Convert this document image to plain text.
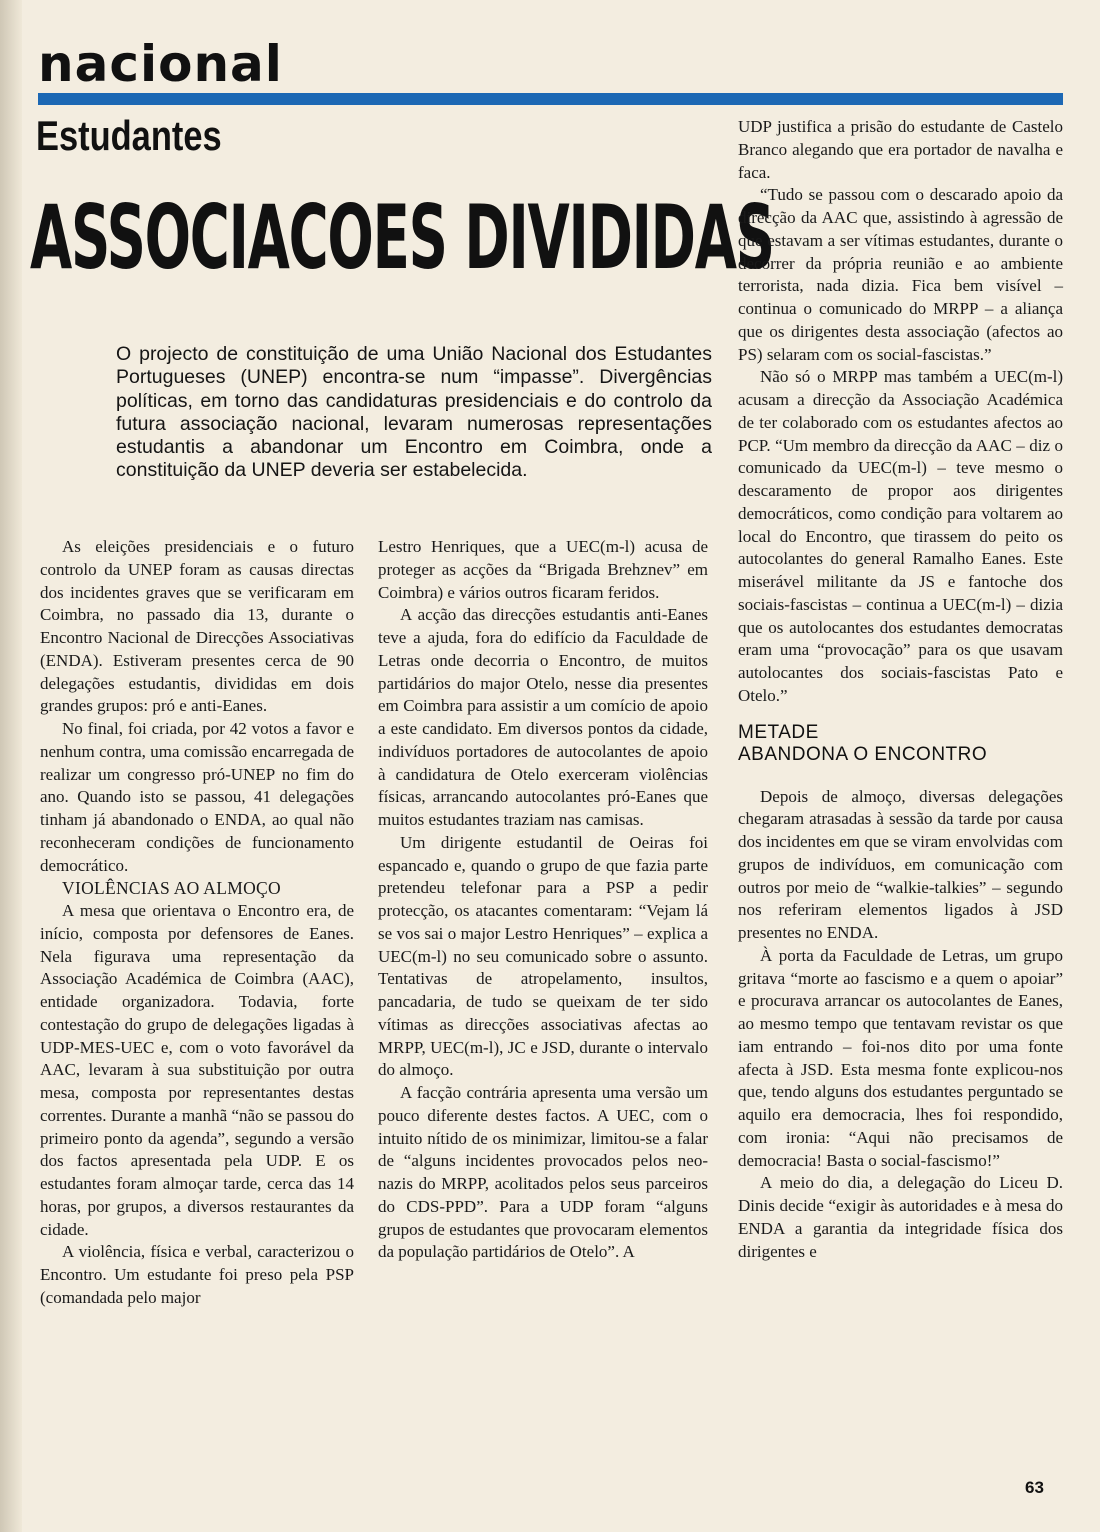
nacional
Estudantes
ASSOCIACOES DIVIDIDAS
O projecto de constituição de uma União Nacional dos Estudantes Portugueses (UNEP) encontra-se num “impasse”. Divergências políticas, em torno das candidaturas presidenciais e do controlo da futura associação nacional, levaram numerosas representações estudantis a abandonar um Encontro em Coimbra, onde a constituição da UNEP deveria ser estabelecida.

As eleições presidenciais e o futuro controlo da UNEP foram as causas directas dos incidentes graves que se verificaram em Coimbra, no passado dia 13, durante o Encontro Nacional de Direcções Associativas (ENDA). Estiveram presentes cerca de 90 delegações estudantis, divididas em dois grandes grupos: pró e anti-Eanes.

No final, foi criada, por 42 votos a favor e nenhum contra, uma comissão encarregada de realizar um congresso pró-UNEP no fim do ano. Quando isto se passou, 41 delegações tinham já abandonado o ENDA, ao qual não reconheceram condições de funcionamento democrático.

VIOLÊNCIAS AO ALMOÇO

A mesa que orientava o Encontro era, de início, composta por defensores de Eanes. Nela figurava uma representação da Associação Académica de Coimbra (AAC), entidade organizadora. Todavia, forte contestação do grupo de delegações ligadas à UDP-MES-UEC e, com o voto favorável da AAC, levaram à sua substituição por outra mesa, composta por representantes destas correntes. Durante a manhã “não se passou do primeiro ponto da agenda”, segundo a versão dos factos apresentada pela UDP. E os estudantes foram almoçar tarde, cerca das 14 horas, por grupos, a diversos restaurantes da cidade.

A violência, física e verbal, caracterizou o Encontro. Um estudante foi preso pela PSP (comandada pelo major

Lestro Henriques, que a UEC(m-l) acusa de proteger as acções da “Brigada Brehznev” em Coimbra) e vários outros ficaram feridos.

A acção das direcções estudantis anti-Eanes teve a ajuda, fora do edifício da Faculdade de Letras onde decorria o Encontro, de muitos partidários do major Otelo, nesse dia presentes em Coimbra para assistir a um comício de apoio a este candidato. Em diversos pontos da cidade, indivíduos portadores de autocolantes de apoio à candidatura de Otelo exerceram violências físicas, arrancando autocolantes pró-Eanes que muitos estudantes traziam nas camisas.

Um dirigente estudantil de Oeiras foi espancado e, quando o grupo de que fazia parte pretendeu telefonar para a PSP a pedir protecção, os atacantes comentaram: “Vejam lá se vos sai o major Lestro Henriques” – explica a UEC(m-l) no seu comunicado sobre o assunto. Tentativas de atropelamento, insultos, pancadaria, de tudo se queixam de ter sido vítimas as direcções associativas afectas ao MRPP, UEC(m-l), JC e JSD, durante o intervalo do almoço.

A facção contrária apresenta uma versão um pouco diferente destes factos. A UEC, com o intuito nítido de os minimizar, limitou-se a falar de “alguns incidentes provocados pelos neo-nazis do MRPP, acolitados pelos seus parceiros do CDS-PPD”. Para a UDP foram “alguns grupos de estudantes que provocaram elementos da população partidários de Otelo”. A

UDP justifica a prisão do estudante de Castelo Branco alegando que era portador de navalha e faca.

“Tudo se passou com o descarado apoio da direcção da AAC que, assistindo à agressão de que estavam a ser vítimas estudantes, durante o decorrer da própria reunião e ao ambiente terrorista, nada dizia. Fica bem visível – continua o comunicado do MRPP – a aliança que os dirigentes desta associação (afectos ao PS) selaram com os social-fascistas.”

Não só o MRPP mas também a UEC(m-l) acusam a direcção da Associação Académica de ter colaborado com os estudantes afectos ao PCP. “Um membro da direcção da AAC – diz o comunicado da UEC(m-l) – teve mesmo o descaramento de propor aos dirigentes democráticos, como condição para voltarem ao local do Encontro, que tirassem do peito os autocolantes do general Ramalho Eanes. Este miserável militante da JS e fantoche dos sociais-fascistas – continua a UEC(m-l) – dizia que os autolocantes dos estudantes democratas eram uma “provocação” para os que usavam autolocantes dos sociais-fascistas Pato e Otelo.”

METADE
ABANDONA O ENCONTRO

Depois de almoço, diversas delegações chegaram atrasadas à sessão da tarde por causa dos incidentes em que se viram envolvidas com grupos de indivíduos, em comunicação com outros por meio de “walkie-talkies” – segundo nos referiram elementos ligados à JSD presentes no ENDA.

À porta da Faculdade de Letras, um grupo gritava “morte ao fascismo e a quem o apoiar” e procurava arrancar os autocolantes de Eanes, ao mesmo tempo que tentavam revistar os que iam entrando – foi-nos dito por uma fonte afecta à JSD. Esta mesma fonte explicou-nos que, tendo alguns dos estudantes perguntado se aquilo era democracia, lhes foi respondido, com ironia: “Aqui não precisamos de democracia! Basta o social-fascismo!”

A meio do dia, a delegação do Liceu D. Dinis decide “exigir às autoridades e à mesa do ENDA a garantia da integridade física dos dirigentes e

63
